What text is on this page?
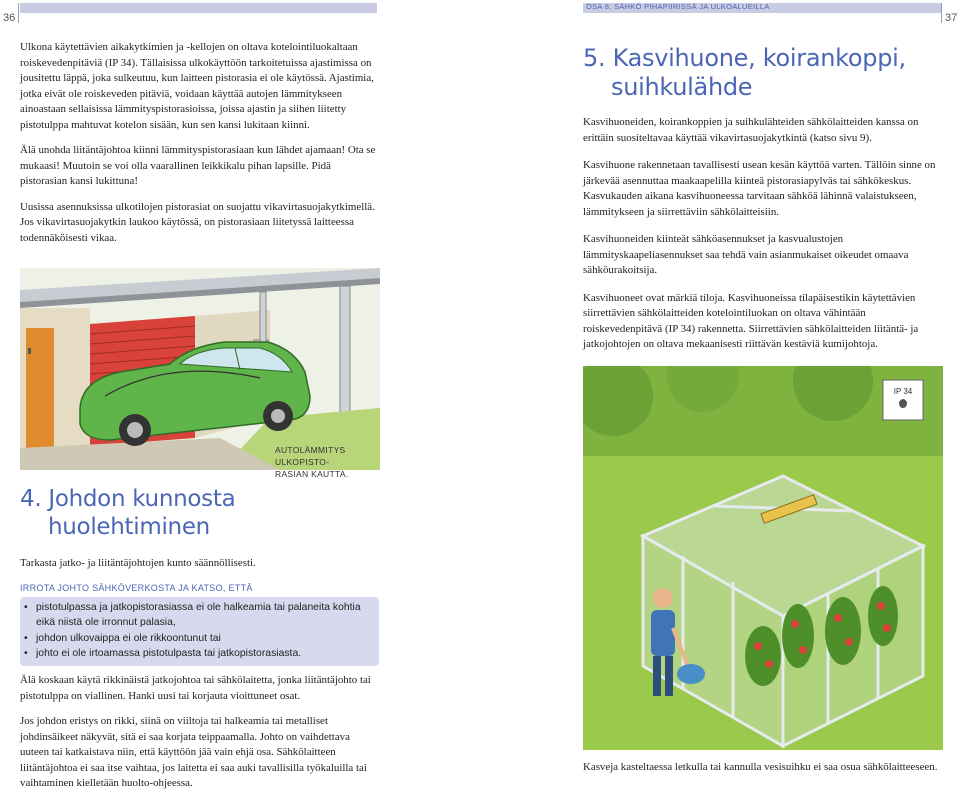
36
OSA 8: SÄHKÖ PIHAPIIRISSÄ JA ULKOALUEILLA
37

Ulkona käytettävien aikakytkimien ja -kellojen on oltava kotelointiluokaltaan roiskevedenpitäviä (IP 34). Tällaisissa ulkokäyttöön tarkoitetuissa ajastimissa on jousitettu läppä, joka sulkeutuu, kun laitteen pistorasia ei ole käytössä. Ajastimia, jotka eivät ole roiskeveden pitäviä, voidaan käyttää autojen lämmitykseen ainoastaan sellaisissa lämmityspistorasioissa, joissa ajastin ja siihen liitetty pistotulppa mahtuvat kotelon sisään, kun sen kansi lukitaan kiinni.

Älä unohda liitäntäjohtoa kiinni lämmityspistorasiaan kun lähdet ajamaan! Ota se mukaasi! Muutoin se voi olla vaarallinen leikkikalu pihan lapsille. Pidä pistorasian kansi lukittuna!

Uusissa asennuksissa ulkotilojen pistorasiat on suojattu vikavirtasuojakytkimellä. Jos vikavirtasuojakytkin laukoo käytössä, on pistorasiaan liitetyssä laitteessa todennäköisesti vikaa.

AUTOLÄMMITYS ULKOPISTO-
RASIAN KAUTTA.
4. Johdon kunnosta
huolehtiminen
Tarkasta jatko- ja liitäntäjohtojen kunto säännöllisesti.
IRROTA JOHTO SÄHKÖVERKOSTA JA KATSO, ETTÄ
• pistotulpassa ja jatkopistorasiassa ei ole halkeamia tai palaneita kohtia eikä niistä ole irronnut palasia,
• johdon ulkovaippa ei ole rikkoontunut tai
• johto ei ole irtoamassa pistotulpasta tai jatkopistorasiasta.

Älä koskaan käytä rikkinäistä jatkojohtoa tai sähkölaitetta, jonka liitäntäjohto tai pistotulppa on viallinen. Hanki uusi tai korjauta vioittuneet osat.

Jos johdon eristys on rikki, siinä on viiltoja tai halkeamia tai metalliset johdinsäikeet näkyvät, sitä ei saa korjata teippaamalla. Johto on vaihdettava uuteen tai katkaistava niin, että käyttöön jää vain ehjä osa. Sähkölaitteen liitäntäjohtoa ei saa itse vaihtaa, jos laitetta ei saa auki tavallisilla työkaluilla tai vaihtaminen kielletään huolto-ohjeessa.

5. Kasvihuone, koirankoppi,
suihkulähde

Kasvihuoneiden, koirankoppien ja suihkulähteiden sähkölaitteiden kanssa on erittäin suositeltavaa käyttää vikavirtasuojakytkintä (katso sivu 9).

Kasvihuone rakennetaan tavallisesti usean kesän käyttöä varten. Tällöin sinne on järkevää asennuttaa maakaapelilla kiinteä pistorasiapylväs tai sähkökeskus. Kasvukauden aikana kasvihuoneessa tarvitaan sähköä lähinnä valaistukseen, lämmitykseen ja siirrettäviin sähkölaitteisiin.

Kasvihuoneiden kiinteät sähköasennukset ja kasvualustojen lämmityskaapeliasennukset saa tehdä vain asianmukaiset oikeudet omaava sähköurakoitsija.

Kasvihuoneet ovat märkiä tiloja. Kasvihuoneissa tilapäisestikin käytettävien siirrettävien sähkölaitteiden kotelointiluokan on oltava vähintään roiskevedenpitävä (IP 34) rakennetta. Siirrettävien sähkölaitteiden liitäntä- ja jatkojohtojen on oltava mekaanisesti riittävän kestäviä kumijohtoja.

IP 34
Kasveja kasteltaessa letkulla tai kannulla vesisuihku ei saa osua sähkölaitteeseen.
